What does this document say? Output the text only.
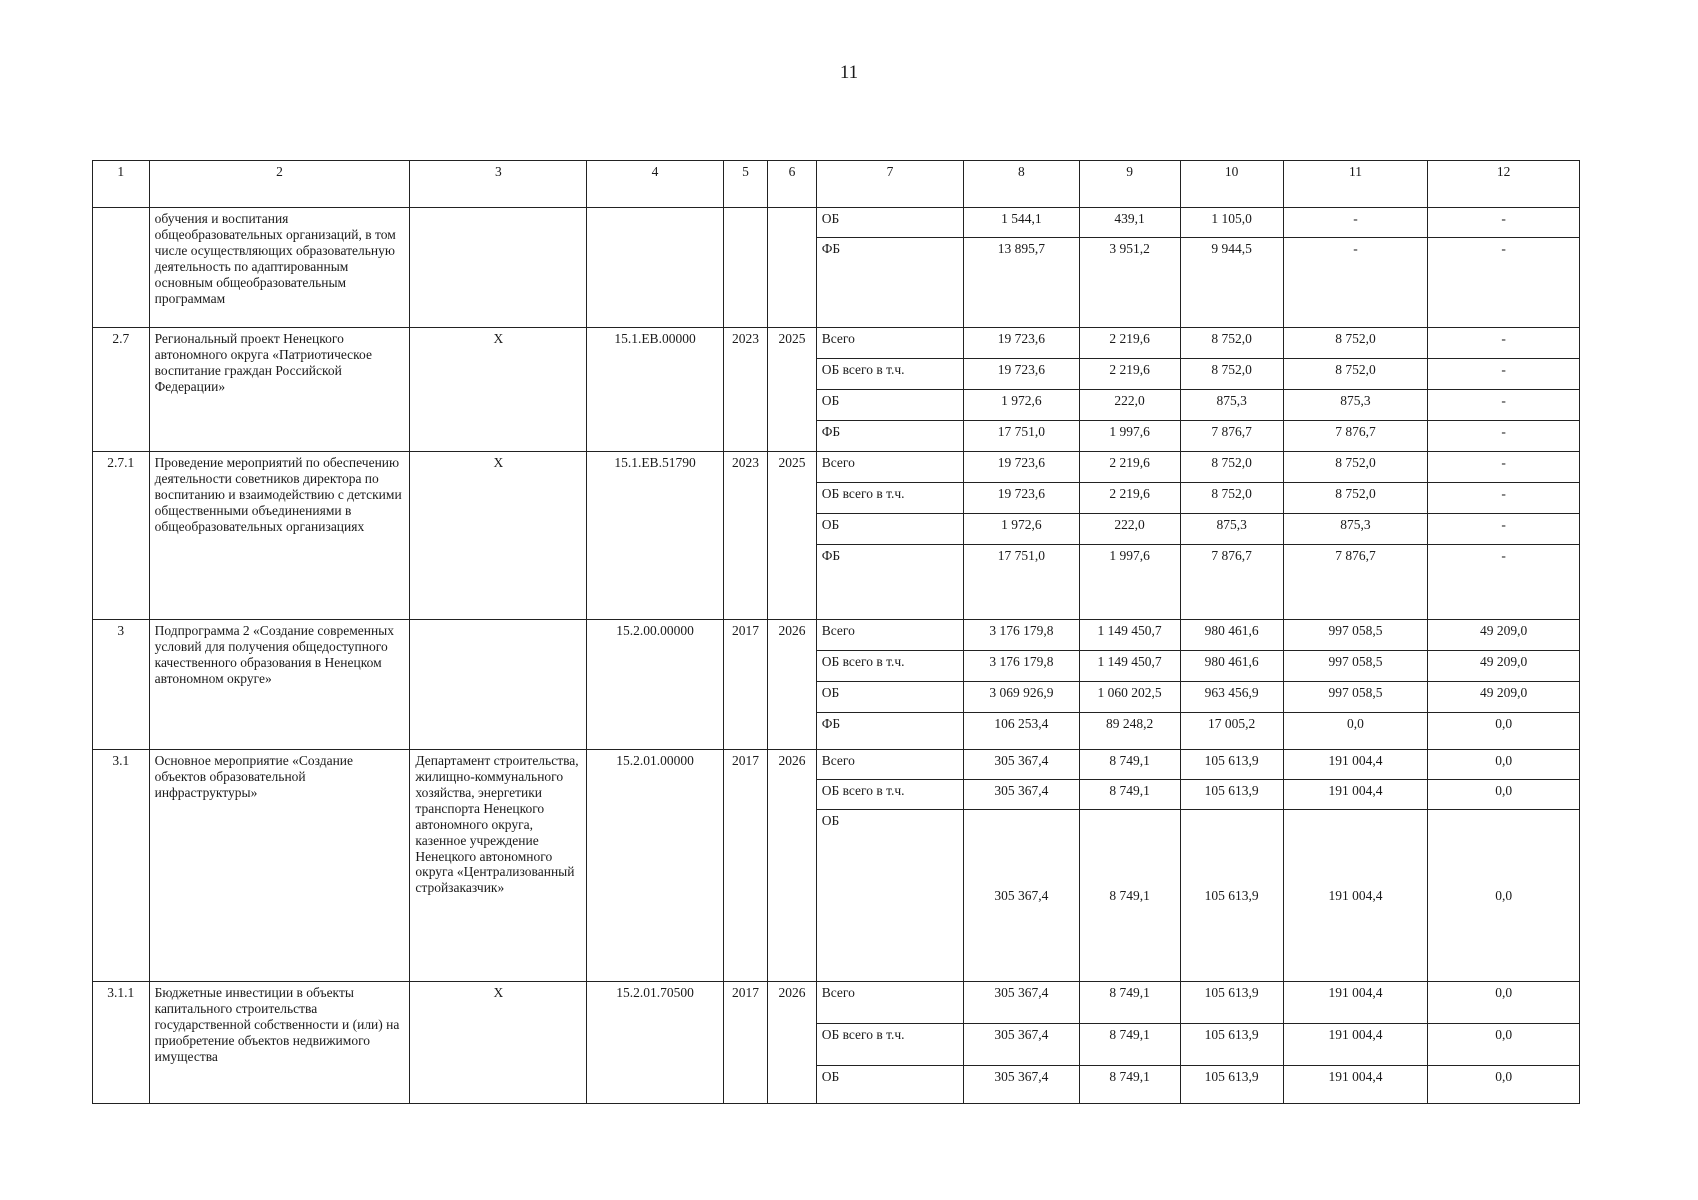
11
1	2	3	4	5	6	7	8	9	10	11	12
	обучения и воспитания общеобразовательных организаций, в том числе осуществляющих образовательную деятельность по адаптированным основным общеобразовательным программам					ОБ	1 544,1	439,1	1 105,0	-	-
						ФБ	13 895,7	3 951,2	9 944,5	-	-
2.7	Региональный проект Ненецкого автономного округа «Патриотическое воспитание граждан Российской Федерации»	Х	15.1.ЕВ.00000	2023	2025	Всего	19 723,6	2 219,6	8 752,0	8 752,0	-
						ОБ всего в т.ч.	19 723,6	2 219,6	8 752,0	8 752,0	-
						ОБ	1 972,6	222,0	875,3	875,3	-
						ФБ	17 751,0	1 997,6	7 876,7	7 876,7	-
2.7.1	Проведение мероприятий по обеспечению деятельности советников директора по воспитанию и взаимодействию с детскими общественными объединениями в общеобразовательных организациях	Х	15.1.ЕВ.51790	2023	2025	Всего	19 723,6	2 219,6	8 752,0	8 752,0	-
						ОБ всего в т.ч.	19 723,6	2 219,6	8 752,0	8 752,0	-
						ОБ	1 972,6	222,0	875,3	875,3	-
						ФБ	17 751,0	1 997,6	7 876,7	7 876,7	-
3	Подпрограмма 2 «Создание современных условий для получения общедоступного качественного образования в Ненецком автономном округе»		15.2.00.00000	2017	2026	Всего	3 176 179,8	1 149 450,7	980 461,6	997 058,5	49 209,0
						ОБ всего в т.ч.	3 176 179,8	1 149 450,7	980 461,6	997 058,5	49 209,0
						ОБ	3 069 926,9	1 060 202,5	963 456,9	997 058,5	49 209,0
						ФБ	106 253,4	89 248,2	17 005,2	0,0	0,0
3.1	Основное мероприятие «Создание объектов образовательной инфраструктуры»	Департамент строительства, жилищно-коммунального хозяйства, энергетики транспорта Ненецкого автономного округа, казенное учреждение Ненецкого автономного округа «Централизованный стройзаказчик»	15.2.01.00000	2017	2026	Всего	305 367,4	8 749,1	105 613,9	191 004,4	0,0
						ОБ всего в т.ч.	305 367,4	8 749,1	105 613,9	191 004,4	0,0
						ОБ	305 367,4	8 749,1	105 613,9	191 004,4	0,0
3.1.1	Бюджетные инвестиции в объекты капитального строительства государственной собственности и (или) на приобретение объектов недвижимого имущества	Х	15.2.01.70500	2017	2026	Всего	305 367,4	8 749,1	105 613,9	191 004,4	0,0
						ОБ всего в т.ч.	305 367,4	8 749,1	105 613,9	191 004,4	0,0
						ОБ	305 367,4	8 749,1	105 613,9	191 004,4	0,0
